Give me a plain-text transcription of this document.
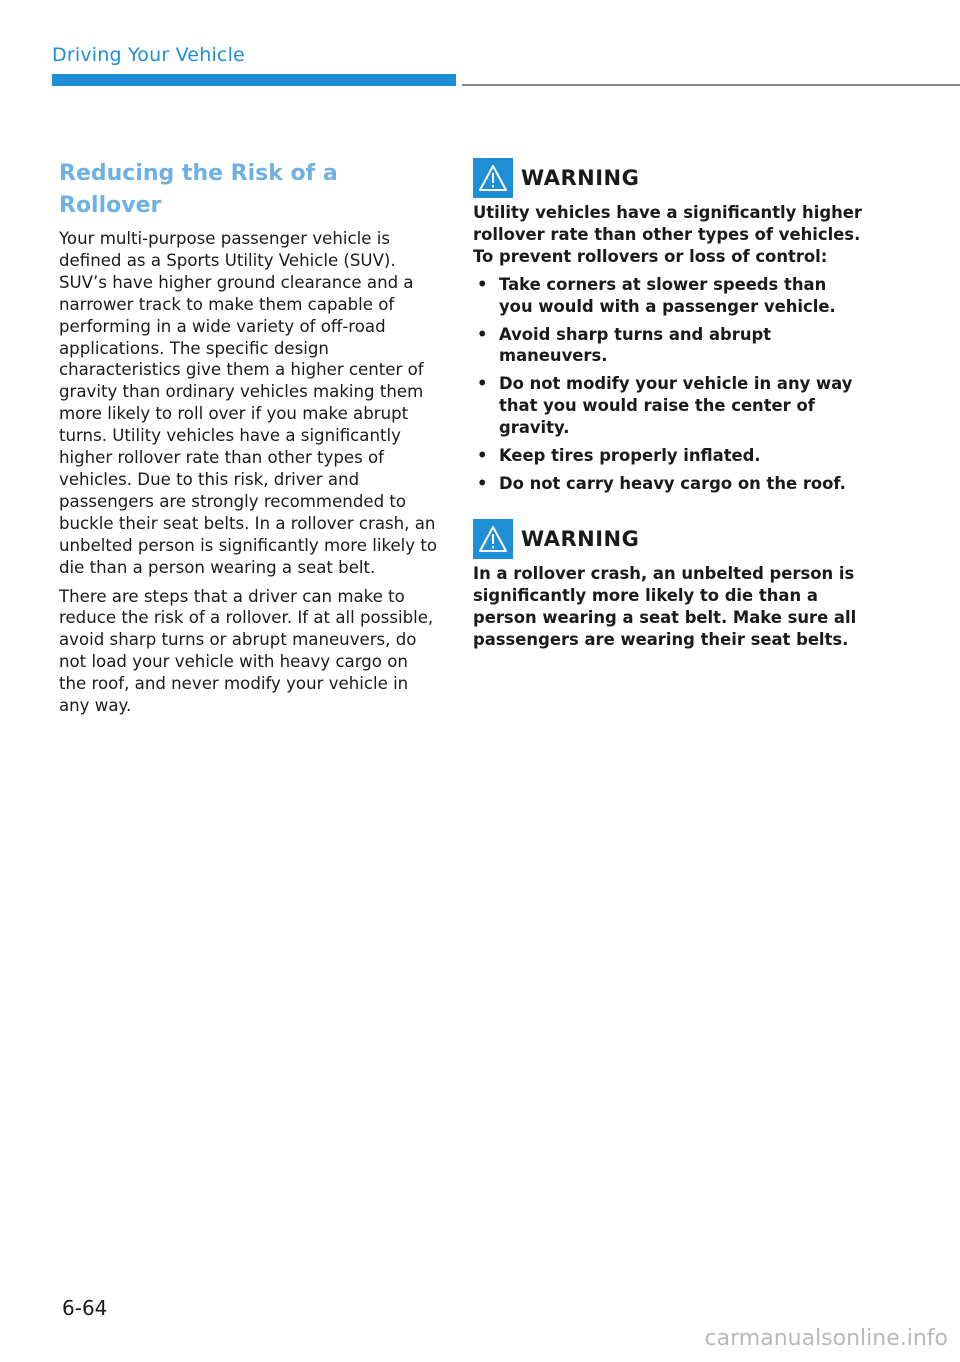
Driving Your Vehicle
Reducing the Risk of a Rollover

Your multi-purpose passenger vehicle is defined as a Sports Utility Vehicle (SUV). SUV’s have higher ground clearance and a narrower track to make them capable of performing in a wide variety of off-road applications. The specific design characteristics give them a higher center of gravity than ordinary vehicles making them more likely to roll over if you make abrupt turns. Utility vehicles have a significantly higher rollover rate than other types of vehicles. Due to this risk, driver and passengers are strongly recommended to buckle their seat belts. In a rollover crash, an unbelted person is significantly more likely to die than a person wearing a seat belt.

There are steps that a driver can make to reduce the risk of a rollover. If at all possible, avoid sharp turns or abrupt maneuvers, do not load your vehicle with heavy cargo on the roof, and never modify your vehicle in any way.

WARNING

Utility vehicles have a significantly higher rollover rate than other types of vehicles. To prevent rollovers or loss of control:

• Take corners at slower speeds than you would with a passenger vehicle.
• Avoid sharp turns and abrupt maneuvers.
• Do not modify your vehicle in any way that you would raise the center of gravity.
• Keep tires properly inflated.
• Do not carry heavy cargo on the roof.
WARNING

In a rollover crash, an unbelted person is significantly more likely to die than a person wearing a seat belt. Make sure all passengers are wearing their seat belts.

6-64
carmanualsonline.info
